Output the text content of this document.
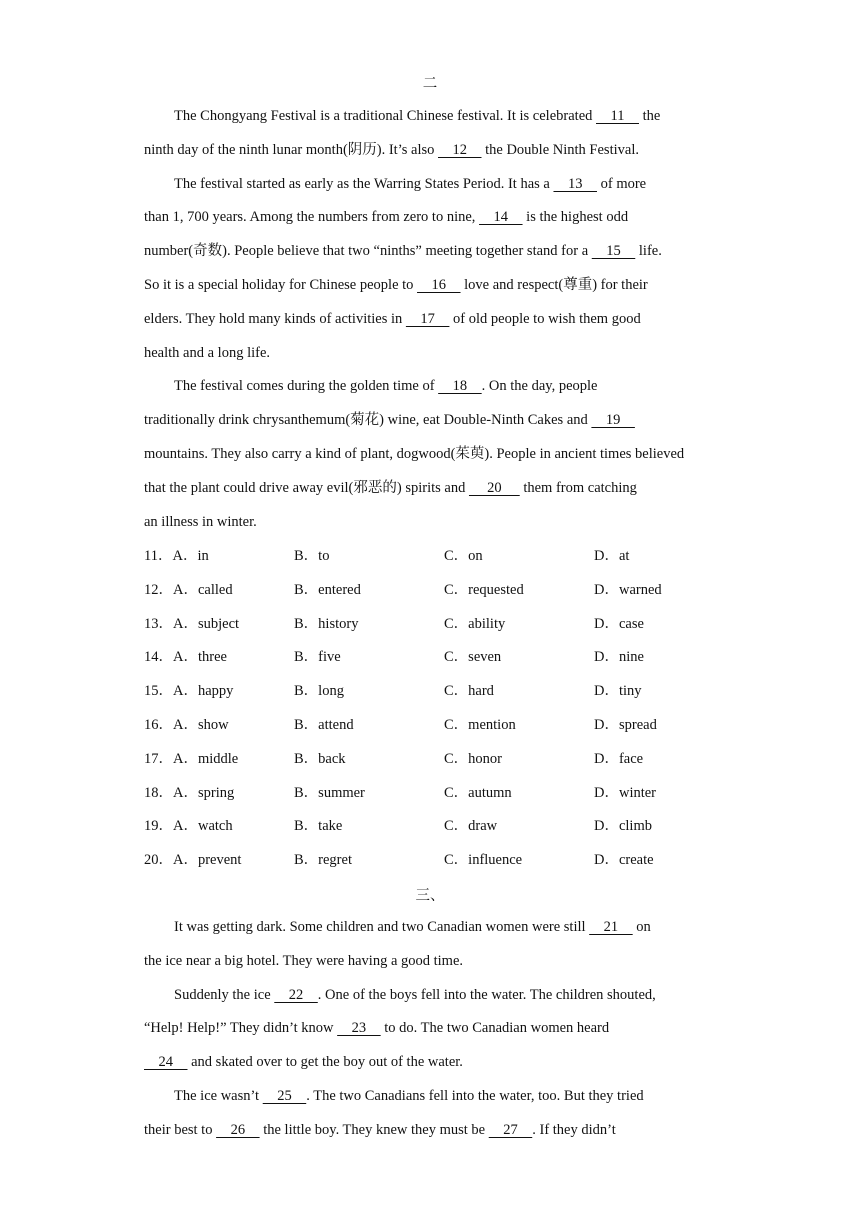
二
The Chongyang Festival is a traditional Chinese festival. It is celebrated     11     the
ninth day of the ninth lunar month(阴历). It’s also     12     the Double Ninth Festival.
The festival started as early as the Warring States Period. It has a     13     of more
than 1, 700 years. Among the numbers from zero to nine,     14     is the highest odd
number(奇数). People believe that two “ninths” meeting together stand for a     15     life.
So it is a special holiday for Chinese people to     16     love and respect(尊重) for their
elders. They hold many kinds of activities in     17     of old people to wish them good
health and a long life.
The festival comes during the golden time of     18    . On the day, people
traditionally drink chrysanthemum(菊花) wine, eat Double-Ninth Cakes and     19
mountains. They also carry a kind of plant, dogwood(茱萸). People in ancient times believed
that the plant could drive away evil(邪恶的) spirits and      20      them from catching
an illness in winter.
11．A．in	B．to	C．on	D．at
12．A．called	B．entered	C．requested	D．warned
13．A．subject	B．history	C．ability	D．case
14．A．three	B．five	C．seven	D．nine
15．A．happy	B．long	C．hard	D．tiny
16．A．show	B．attend	C．mention	D．spread
17．A．middle	B．back	C．honor	D．face
18．A．spring	B．summer	C．autumn	D．winter
19．A．watch	B．take	C．draw	D．climb
20．A．prevent	B．regret	C．influence	D．create
三、
It was getting dark. Some children and two Canadian women were still     21     on
the ice near a big hotel. They were having a good time.
Suddenly the ice     22    . One of the boys fell into the water. The children shouted,
“Help! Help!” They didn’t know     23     to do. The two Canadian women heard
24     and skated over to get the boy out of the water.
The ice wasn’t     25    . The two Canadians fell into the water, too. But they tried
their best to     26     the little boy. They knew they must be     27    . If they didn’t
